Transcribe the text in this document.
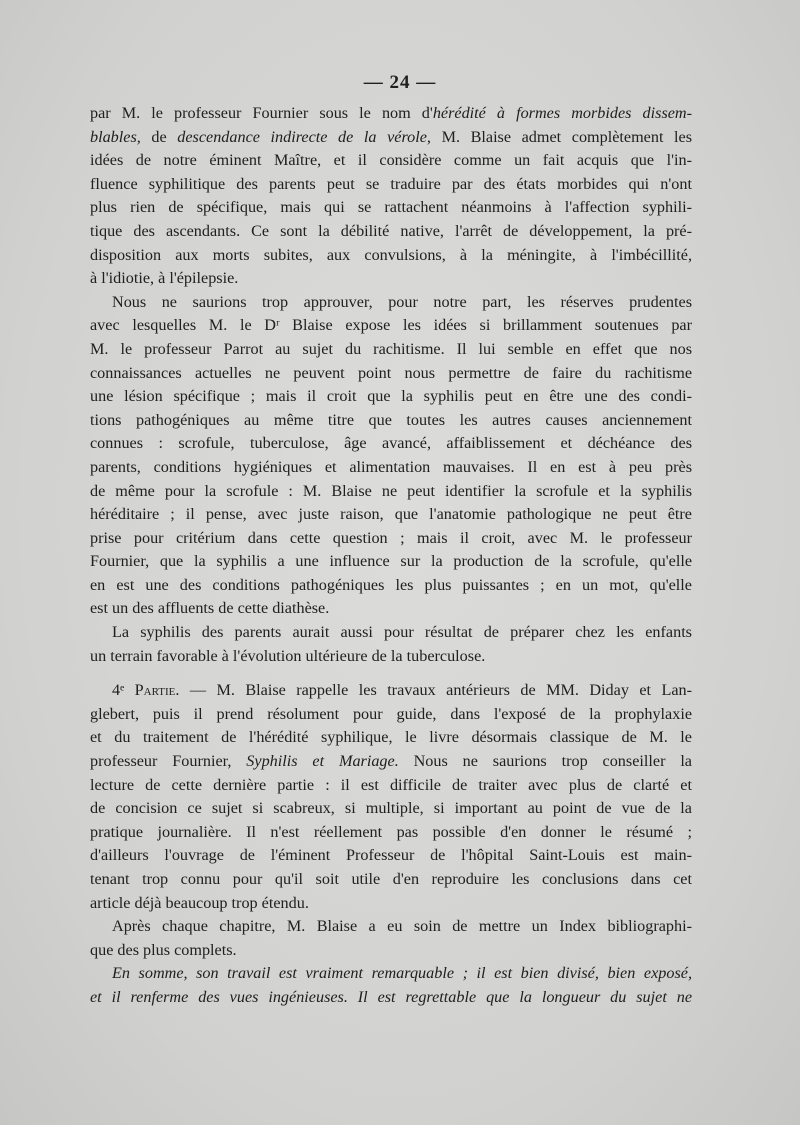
— 24 —
par M. le professeur Fournier sous le nom d'hérédité à formes morbides dissem-
blables, de descendance indirecte de la vérole, M. Blaise admet complètement les
idées de notre éminent Maître, et il considère comme un fait acquis que l'in-
fluence syphilitique des parents peut se traduire par des états morbides qui n'ont
plus rien de spécifique, mais qui se rattachent néanmoins à l'affection syphili-
tique des ascendants. Ce sont la débilité native, l'arrêt de développement, la pré-
disposition aux morts subites, aux convulsions, à la méningite, à l'imbécillité,
à l'idiotie, à l'épilepsie.
Nous ne saurions trop approuver, pour notre part, les réserves prudentes
avec lesquelles M. le Dʳ Blaise expose les idées si brillamment soutenues par
M. le professeur Parrot au sujet du rachitisme. Il lui semble en effet que nos
connaissances actuelles ne peuvent point nous permettre de faire du rachitisme
une lésion spécifique ; mais il croit que la syphilis peut en être une des condi-
tions pathogéniques au même titre que toutes les autres causes anciennement
connues : scrofule, tuberculose, âge avancé, affaiblissement et déchéance des
parents, conditions hygiéniques et alimentation mauvaises. Il en est à peu près
de même pour la scrofule : M. Blaise ne peut identifier la scrofule et la syphilis
héréditaire ; il pense, avec juste raison, que l'anatomie pathologique ne peut être
prise pour critérium dans cette question ; mais il croit, avec M. le professeur
Fournier, que la syphilis a une influence sur la production de la scrofule, qu'elle
en est une des conditions pathogéniques les plus puissantes ; en un mot, qu'elle
est un des affluents de cette diathèse.
La syphilis des parents aurait aussi pour résultat de préparer chez les enfants
un terrain favorable à l'évolution ultérieure de la tuberculose.
4ᵉ Partie. — M. Blaise rappelle les travaux antérieurs de MM. Diday et Lan-
glebert, puis il prend résolument pour guide, dans l'exposé de la prophylaxie
et du traitement de l'hérédité syphilique, le livre désormais classique de M. le
professeur Fournier, Syphilis et Mariage. Nous ne saurions trop conseiller la
lecture de cette dernière partie : il est difficile de traiter avec plus de clarté et
de concision ce sujet si scabreux, si multiple, si important au point de vue de la
pratique journalière. Il n'est réellement pas possible d'en donner le résumé ;
d'ailleurs l'ouvrage de l'éminent Professeur de l'hôpital Saint-Louis est main-
tenant trop connu pour qu'il soit utile d'en reproduire les conclusions dans cet
article déjà beaucoup trop étendu.
Après chaque chapitre, M. Blaise a eu soin de mettre un Index bibliographi-
que des plus complets.
En somme, son travail est vraiment remarquable ; il est bien divisé, bien exposé,
et il renferme des vues ingénieuses. Il est regrettable que la longueur du sujet ne
